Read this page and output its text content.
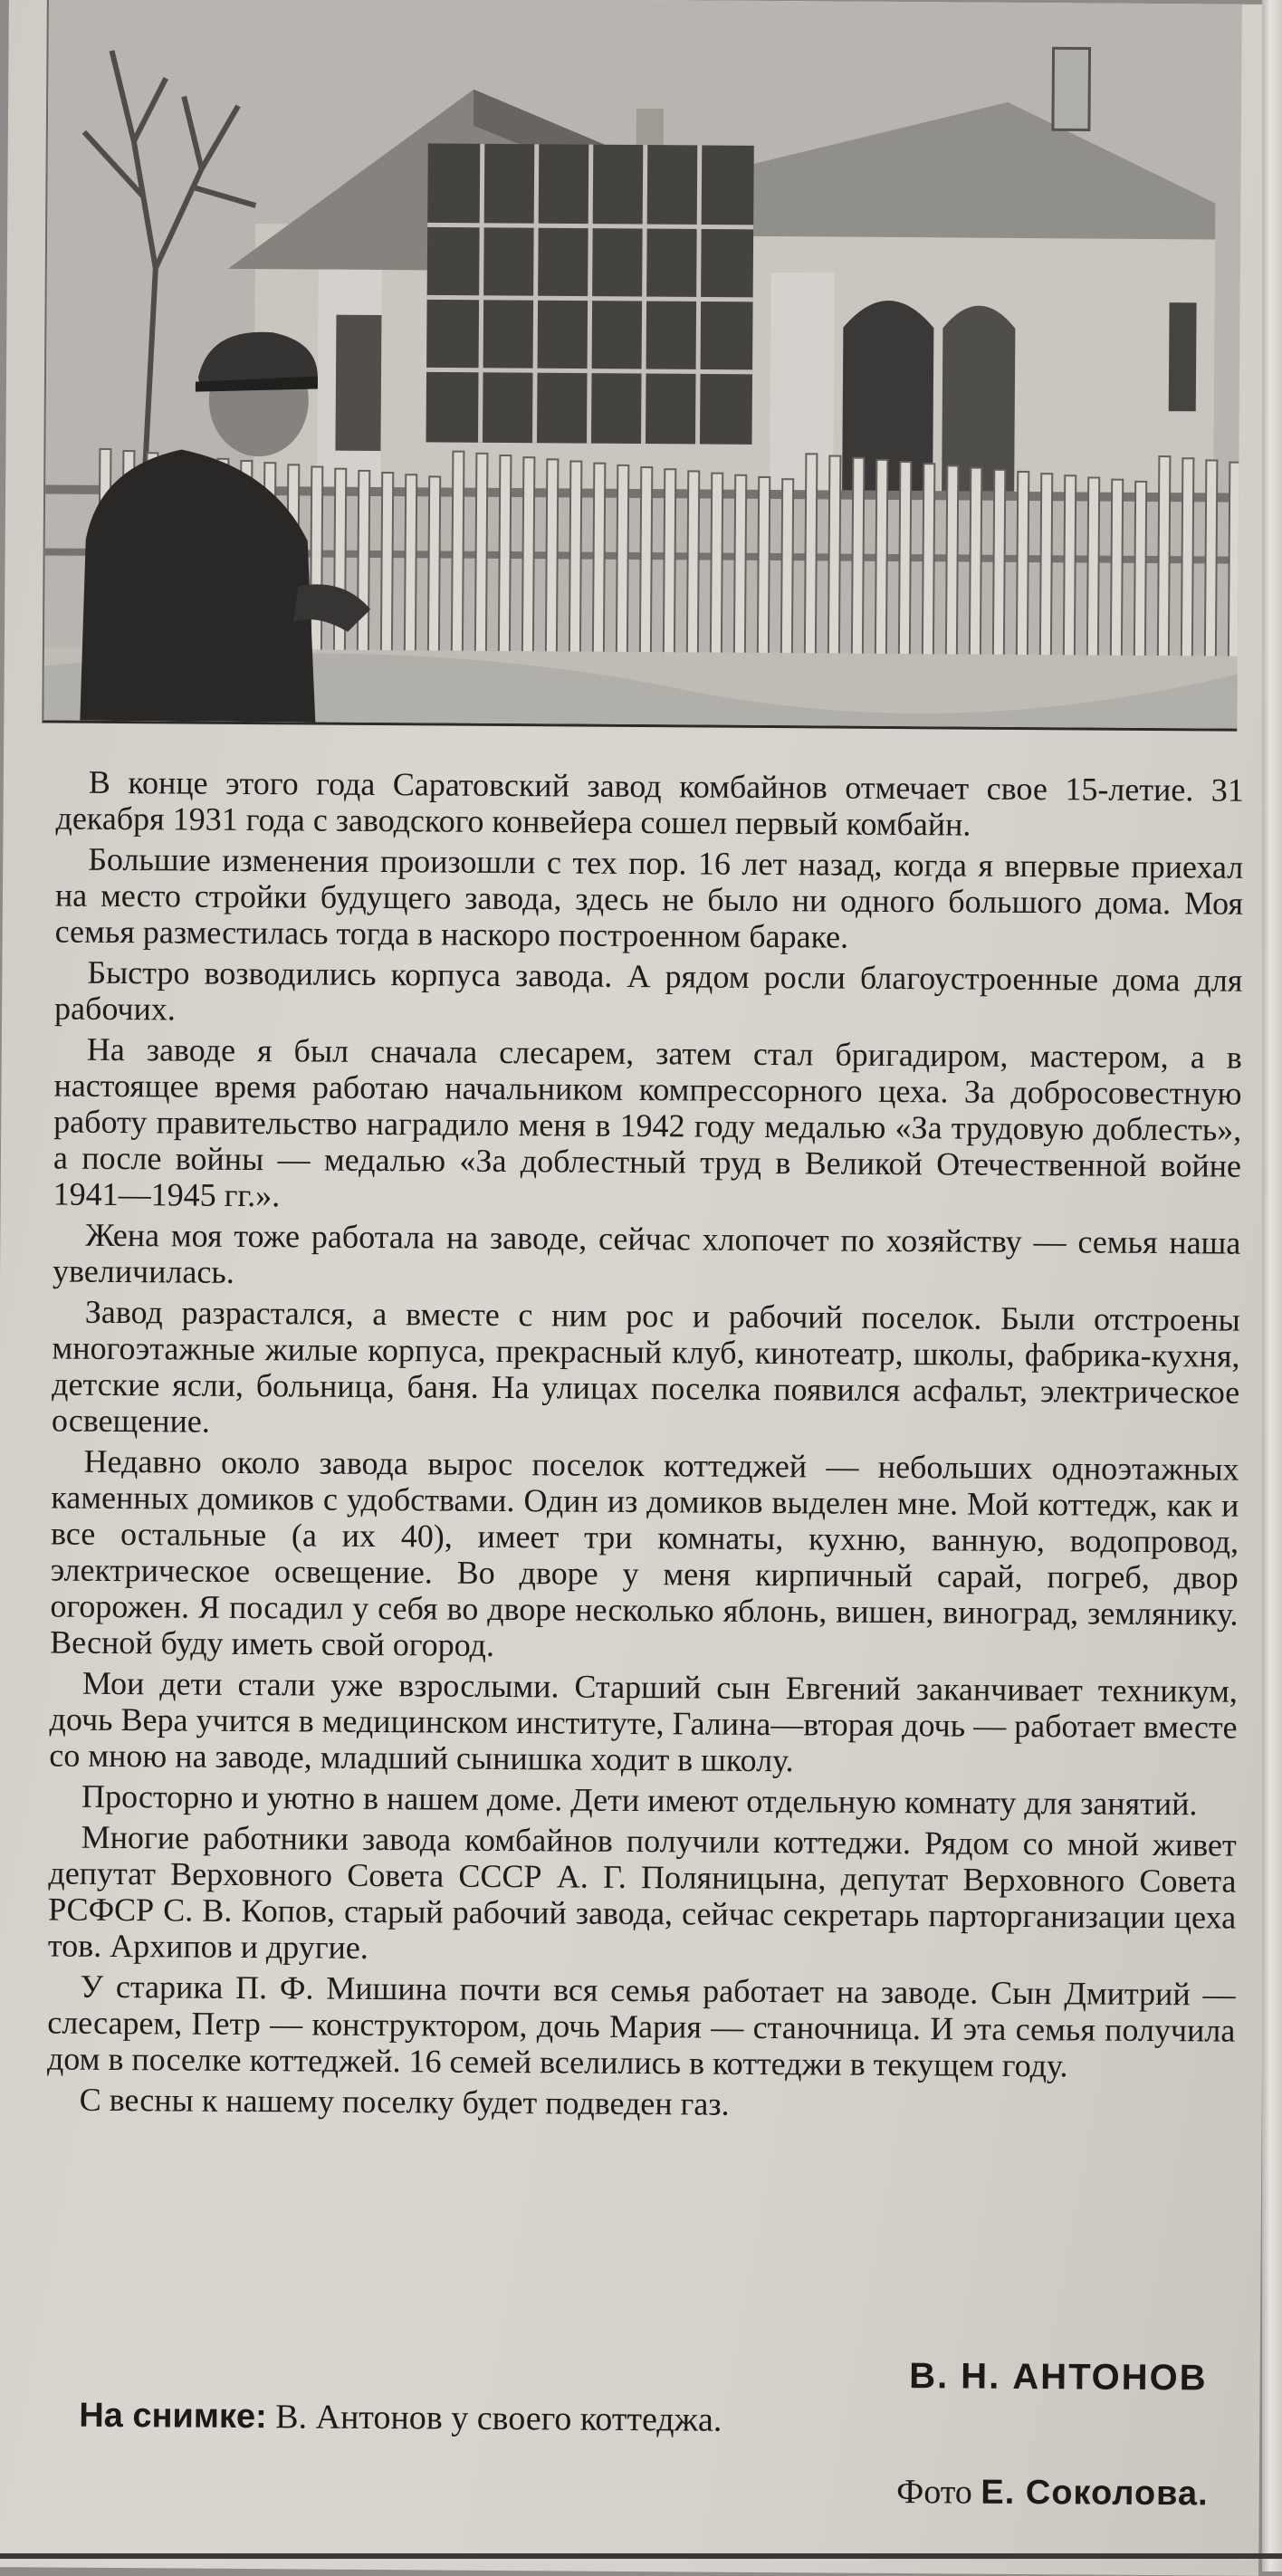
В конце этого года Саратовский завод комбайнов отмечает свое 15-летие. 31 декабря 1931 года с заводского конвейера сошел первый комбайн.

Большие изменения произошли с тех пор. 16 лет назад, когда я впервые приехал на место стройки будущего завода, здесь не было ни одного большого дома. Моя семья разместилась тогда в наскоро построенном бараке.

Быстро возводились корпуса завода. А рядом росли благоустроенные дома для рабочих.

На заводе я был сначала слесарем, затем стал бригадиром, мастером, а в настоящее время работаю начальником компрессорного цеха. За добросовестную работу правительство наградило меня в 1942 году медалью «За трудовую доблесть», а после войны — медалью «За доблестный труд в Великой Отечественной войне 1941—1945 гг.».

Жена моя тоже работала на заводе, сейчас хлопочет по хозяйству — семья наша увеличилась.

Завод разрастался, а вместе с ним рос и рабочий поселок. Были отстроены многоэтажные жилые корпуса, прекрасный клуб, кинотеатр, школы, фабрика-кухня, детские ясли, больница, баня. На улицах поселка появился асфальт, электрическое освещение.

Недавно около завода вырос поселок коттеджей — небольших одноэтажных каменных домиков с удобствами. Один из домиков выделен мне. Мой коттедж, как и все остальные (а их 40), имеет три комнаты, кухню, ванную, водопровод, электрическое освещение. Во дворе у меня кирпичный сарай, погреб, двор огорожен. Я посадил у себя во дворе несколько яблонь, вишен, виноград, землянику. Весной буду иметь свой огород.

Мои дети стали уже взрослыми. Старший сын Евгений заканчивает техникум, дочь Вера учится в медицинском институте, Галина—вторая дочь — работает вместе со мною на заводе, младший сынишка ходит в школу.

Просторно и уютно в нашем доме. Дети имеют отдельную комнату для занятий.

Многие работники завода комбайнов получили коттеджи. Рядом со мной живет депутат Верховного Совета СССР А. Г. Поляницына, депутат Верховного Совета РСФСР С. В. Копов, старый рабочий завода, сейчас секретарь парторганизации цеха тов. Архипов и другие.

У старика П. Ф. Мишина почти вся семья работает на заводе. Сын Дмитрий — слесарем, Петр — конструктором, дочь Мария — станочница. И эта семья получила дом в поселке коттеджей. 16 семей вселились в коттеджи в текущем году.

С весны к нашему поселку будет подведен газ.

В. Н. АНТОНОВ
На снимке: В. Антонов у своего коттеджа.
Фото Е. Соколова.
